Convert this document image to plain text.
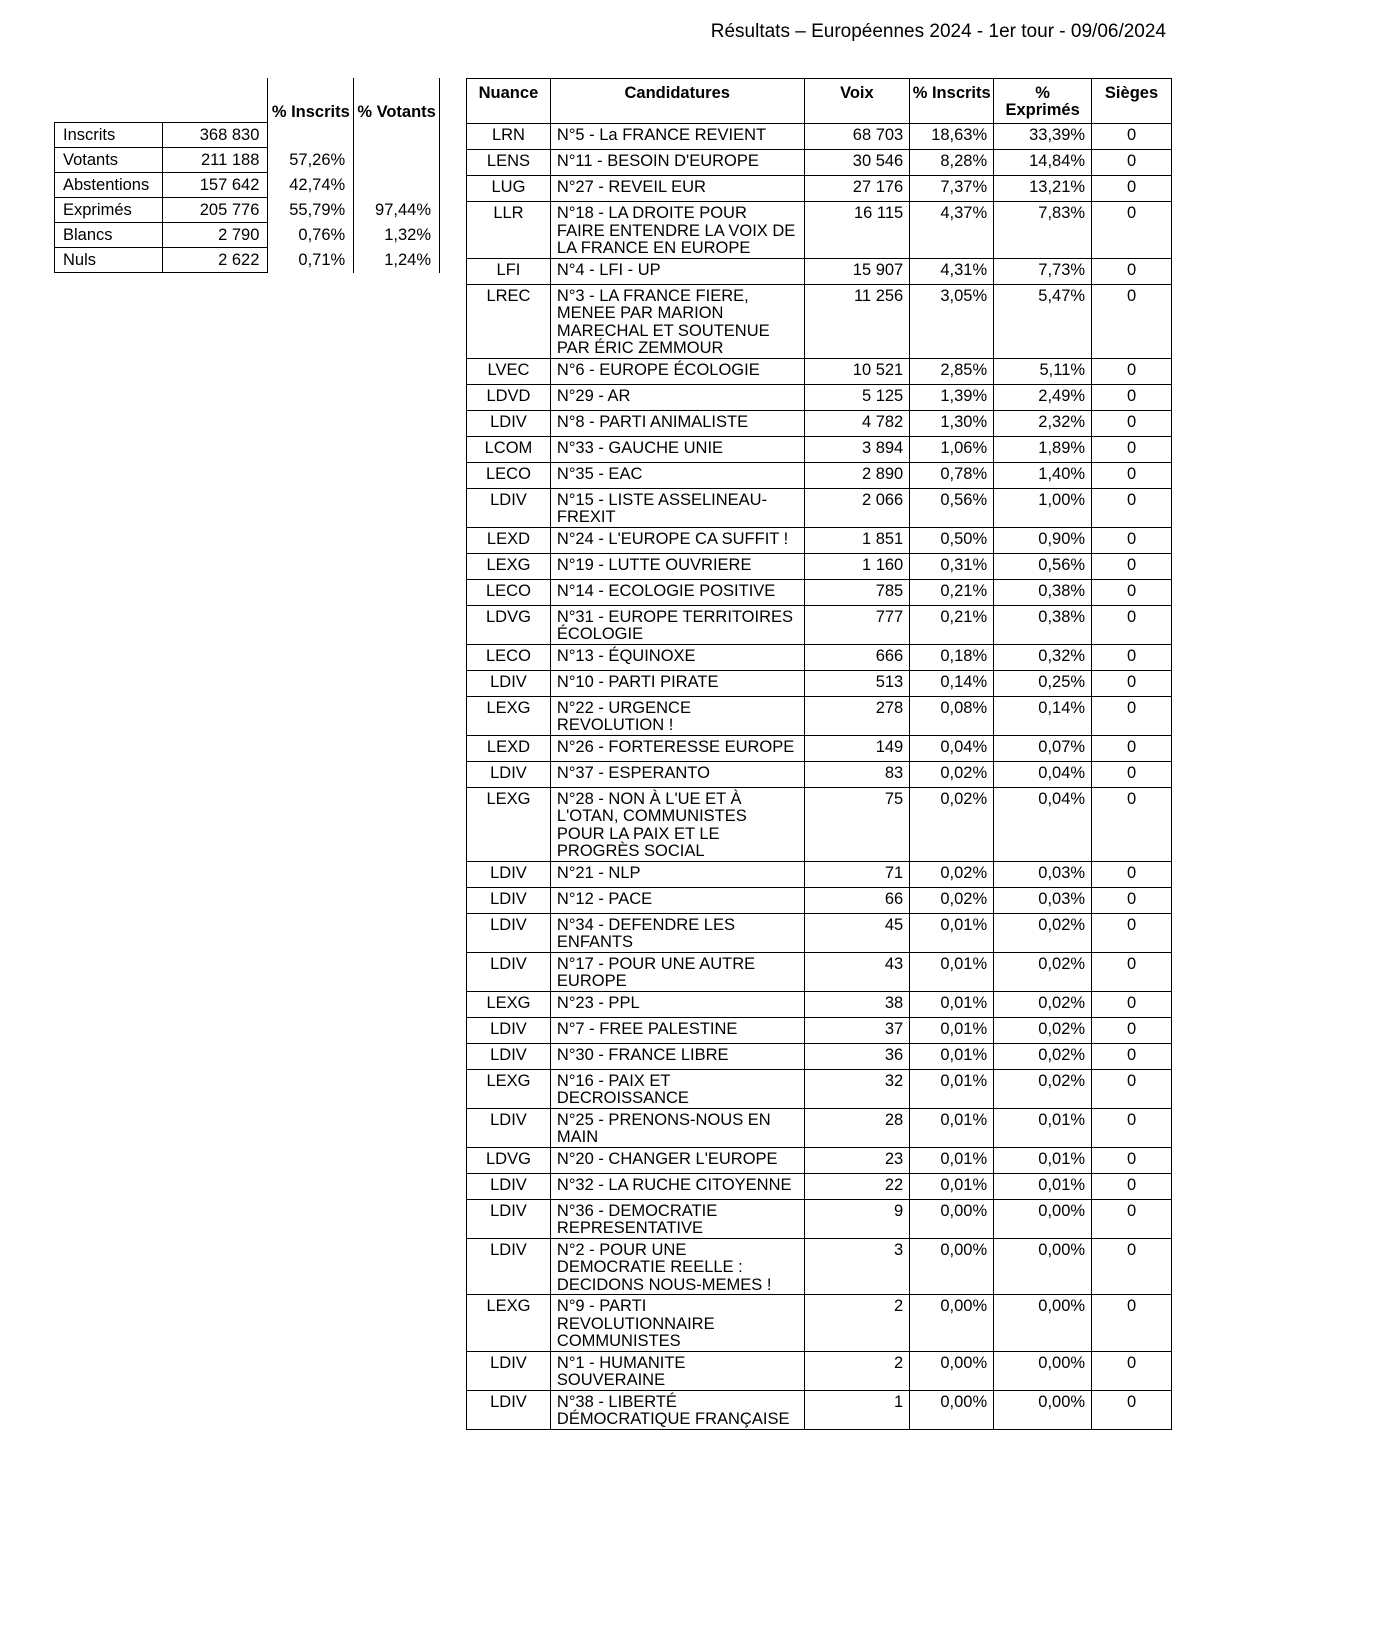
Résultats – Européennes 2024 - 1er tour - 09/06/2024
		% Inscrits	% Votants
Inscrits	368 830		
Votants	211 188	57,26%	
Abstentions	157 642	42,74%	
Exprimés	205 776	55,79%	97,44%
Blancs	2 790	0,76%	1,32%
Nuls	2 622	0,71%	1,24%
Nuance	Candidatures	Voix	% Inscrits	% Exprimés	Sièges
LRN	N°5 - La FRANCE REVIENT	68 703	18,63%	33,39%	0
LENS	N°11 - BESOIN D'EUROPE	30 546	8,28%	14,84%	0
LUG	N°27 - REVEIL EUR	27 176	7,37%	13,21%	0
LLR	N°18 - LA DROITE POUR FAIRE ENTENDRE LA VOIX DE LA FRANCE EN EUROPE	16 115	4,37%	7,83%	0
LFI	N°4 - LFI - UP	15 907	4,31%	7,73%	0
LREC	N°3 - LA FRANCE FIERE, MENEE PAR MARION MARECHAL ET SOUTENUE PAR ÉRIC ZEMMOUR	11 256	3,05%	5,47%	0
LVEC	N°6 - EUROPE ÉCOLOGIE	10 521	2,85%	5,11%	0
LDVD	N°29 - AR	5 125	1,39%	2,49%	0
LDIV	N°8 - PARTI ANIMALISTE	4 782	1,30%	2,32%	0
LCOM	N°33 - GAUCHE UNIE	3 894	1,06%	1,89%	0
LECO	N°35 - EAC	2 890	0,78%	1,40%	0
LDIV	N°15 - LISTE ASSELINEAU-FREXIT	2 066	0,56%	1,00%	0
LEXD	N°24 - L'EUROPE CA SUFFIT !	1 851	0,50%	0,90%	0
LEXG	N°19 - LUTTE OUVRIERE	1 160	0,31%	0,56%	0
LECO	N°14 - ECOLOGIE POSITIVE	785	0,21%	0,38%	0
LDVG	N°31 - EUROPE TERRITOIRES ÉCOLOGIE	777	0,21%	0,38%	0
LECO	N°13 - ÉQUINOXE	666	0,18%	0,32%	0
LDIV	N°10 - PARTI PIRATE	513	0,14%	0,25%	0
LEXG	N°22 - URGENCE REVOLUTION !	278	0,08%	0,14%	0
LEXD	N°26 - FORTERESSE EUROPE	149	0,04%	0,07%	0
LDIV	N°37 - ESPERANTO	83	0,02%	0,04%	0
LEXG	N°28 - NON À L'UE ET À L'OTAN, COMMUNISTES POUR LA PAIX ET LE PROGRÈS SOCIAL	75	0,02%	0,04%	0
LDIV	N°21 - NLP	71	0,02%	0,03%	0
LDIV	N°12 - PACE	66	0,02%	0,03%	0
LDIV	N°34 - DEFENDRE LES ENFANTS	45	0,01%	0,02%	0
LDIV	N°17 - POUR UNE AUTRE EUROPE	43	0,01%	0,02%	0
LEXG	N°23 - PPL	38	0,01%	0,02%	0
LDIV	N°7 - FREE PALESTINE	37	0,01%	0,02%	0
LDIV	N°30 - FRANCE LIBRE	36	0,01%	0,02%	0
LEXG	N°16 - PAIX ET DECROISSANCE	32	0,01%	0,02%	0
LDIV	N°25 - PRENONS-NOUS EN MAIN	28	0,01%	0,01%	0
LDVG	N°20 - CHANGER L'EUROPE	23	0,01%	0,01%	0
LDIV	N°32 - LA RUCHE CITOYENNE	22	0,01%	0,01%	0
LDIV	N°36 - DEMOCRATIE REPRESENTATIVE	9	0,00%	0,00%	0
LDIV	N°2 - POUR UNE DEMOCRATIE REELLE : DECIDONS NOUS-MEMES !	3	0,00%	0,00%	0
LEXG	N°9 - PARTI REVOLUTIONNAIRE COMMUNISTES	2	0,00%	0,00%	0
LDIV	N°1 - HUMANITE SOUVERAINE	2	0,00%	0,00%	0
LDIV	N°38 - LIBERTÉ DÉMOCRATIQUE FRANÇAISE	1	0,00%	0,00%	0
